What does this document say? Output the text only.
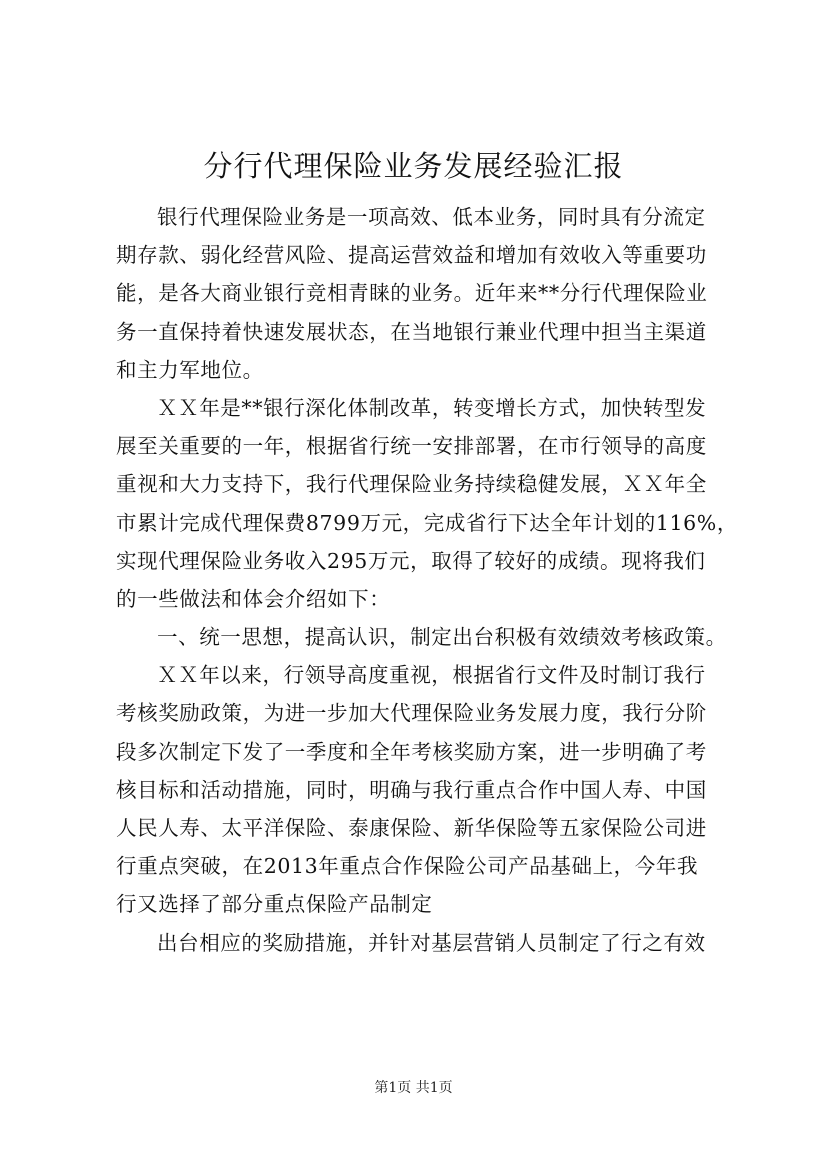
分行代理保险业务发展经验汇报
银行代理保险业务是一项高效、低本业务，同时具有分流定
期存款、弱化经营风险、提高运营效益和增加有效收入等重要功
能，是各大商业银行竞相青睐的业务。近年来**分行代理保险业
务一直保持着快速发展状态，在当地银行兼业代理中担当主渠道
和主力军地位。
ＸＸ年是**银行深化体制改革，转变增长方式，加快转型发
展至关重要的一年，根据省行统一安排部署，在市行领导的高度
重视和大力支持下，我行代理保险业务持续稳健发展，ＸＸ年全
市累计完成代理保费8799万元，完成省行下达全年计划的116%，
实现代理保险业务收入295万元，取得了较好的成绩。现将我们
的一些做法和体会介绍如下：
一、统一思想，提高认识，制定出台积极有效绩效考核政策。
ＸＸ年以来，行领导高度重视，根据省行文件及时制订我行
考核奖励政策，为进一步加大代理保险业务发展力度，我行分阶
段多次制定下发了一季度和全年考核奖励方案，进一步明确了考
核目标和活动措施，同时，明确与我行重点合作中国人寿、中国
人民人寿、太平洋保险、泰康保险、新华保险等五家保险公司进
行重点突破，在2013年重点合作保险公司产品基础上，今年我
行又选择了部分重点保险产品制定
出台相应的奖励措施，并针对基层营销人员制定了行之有效
第1页 共1页
